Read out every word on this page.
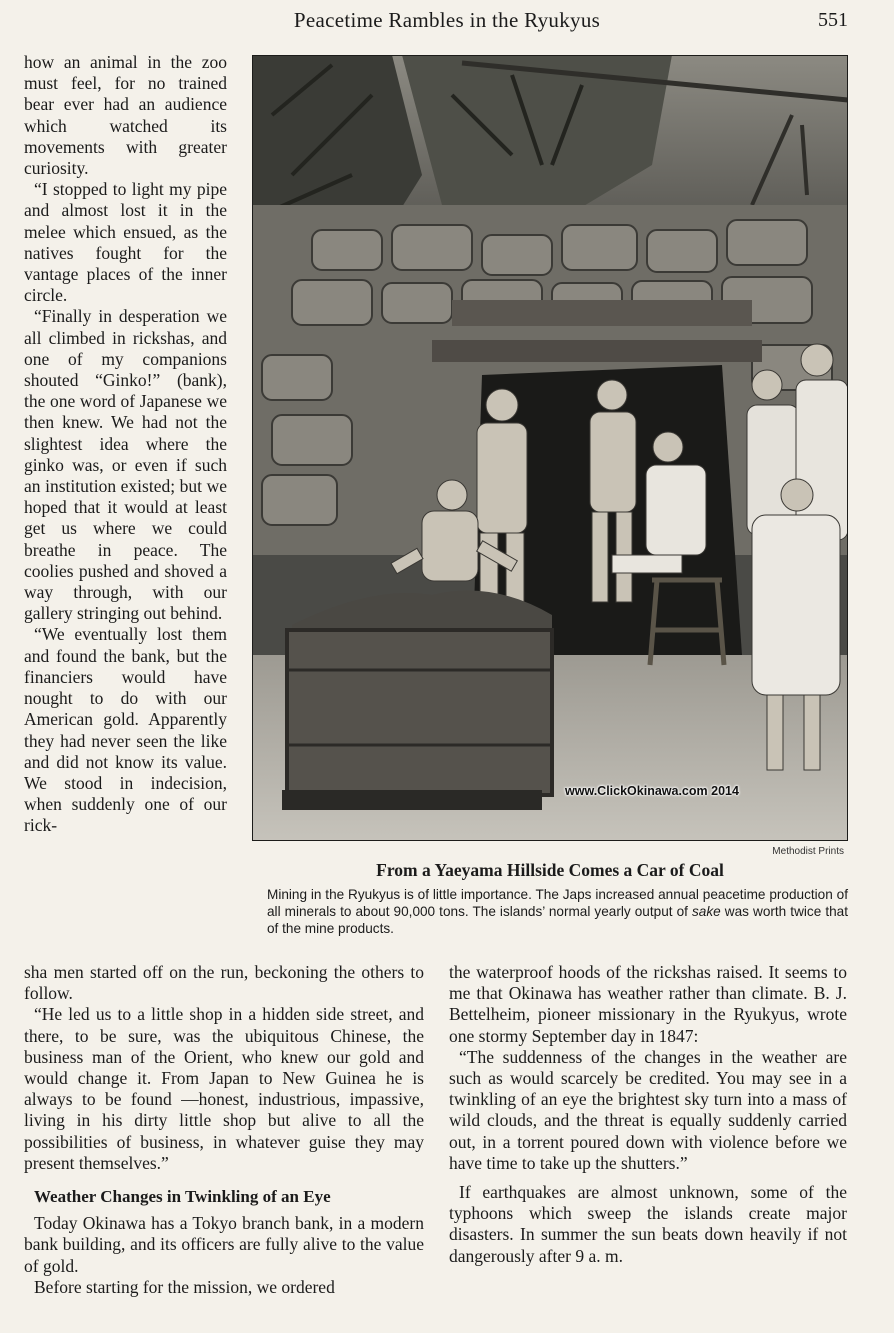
Peacetime Rambles in the Ryukyus	551

how an animal in the zoo must feel, for no trained bear ever had an audience which watched its movements with greater curiosity.

“I stopped to light my pipe and almost lost it in the melee which ensued, as the natives fought for the vantage places of the inner circle.

“Finally in desperation we all climbed in rickshas, and one of my companions shouted “Ginko!” (bank), the one word of Japanese we then knew. We had not the slightest idea where the ginko was, or even if such an institution existed; but we hoped that it would at least get us where we could breathe in peace. The coolies pushed and shoved a way through, with our gallery stringing out behind.

“We eventually lost them and found the bank, but the financiers would have nought to do with our American gold. Apparently they had never seen the like and did not know its value. We stood in indecision, when suddenly one of our rick-

www.ClickOkinawa.com 2014
Methodist Prints
From a Yaeyama Hillside Comes a Car of Coal
Mining in the Ryukyus is of little importance. The Japs increased annual peacetime production of all minerals to about 90,000 tons. The islands’ normal yearly output of sake was worth twice that of the mine products.

sha men started off on the run, beckoning the others to follow.

“He led us to a little shop in a hidden side street, and there, to be sure, was the ubiquitous Chinese, the business man of the Orient, who knew our gold and would change it. From Japan to New Guinea he is always to be found —honest, industrious, impassive, living in his dirty little shop but alive to all the possibilities of business, in whatever guise they may present themselves.”

Weather Changes in Twinkling of an Eye

Today Okinawa has a Tokyo branch bank, in a modern bank building, and its officers are fully alive to the value of gold.

Before starting for the mission, we ordered

the waterproof hoods of the rickshas raised. It seems to me that Okinawa has weather rather than climate. B. J. Bettelheim, pioneer missionary in the Ryukyus, wrote one stormy September day in 1847:

“The suddenness of the changes in the weather are such as would scarcely be credited. You may see in a twinkling of an eye the brightest sky turn into a mass of wild clouds, and the threat is equally suddenly carried out, in a torrent poured down with violence before we have time to take up the shutters.”

If earthquakes are almost unknown, some of the typhoons which sweep the islands create major disasters. In summer the sun beats down heavily if not dangerously after 9 a. m.
